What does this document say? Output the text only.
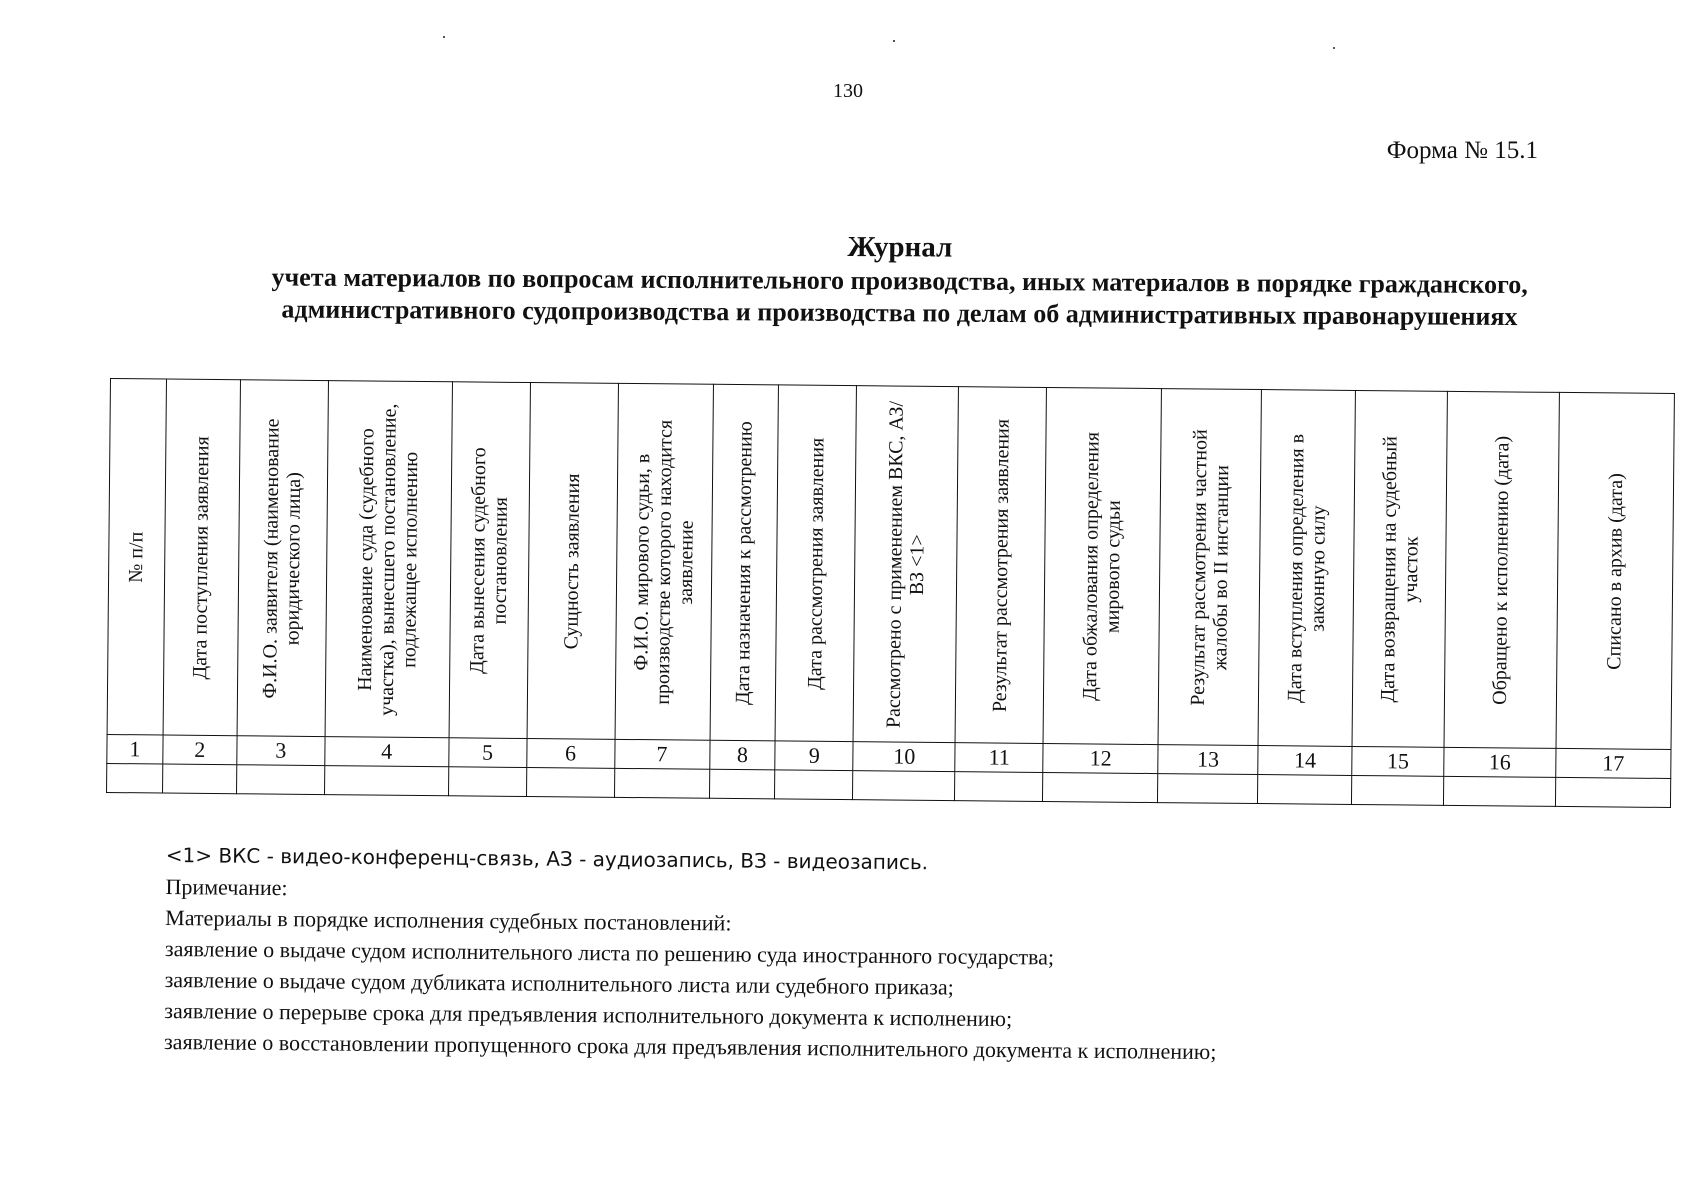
130
Форма № 15.1
Журнал
учета материалов по вопросам исполнительного производства, иных материалов в порядке гражданского, административного судопроизводства и производства по делам об административных правонарушениях
№ п/п	Дата поступления заявления	Ф.И.О. заявителя (наименование юридического лица)	Наименование суда (судебного участка), вынесшего постановление, подлежащее исполнению	Дата вынесения судебного постановления	Сущность заявления	Ф.И.О. мирового судьи, в производстве которого находится заявление	Дата назначения к рассмотрению	Дата рассмотрения заявления	Рассмотрено с применением ВКС, АЗ/ВЗ <1>	Результат рассмотрения заявления	Дата обжалования определения мирового судьи	Результат рассмотрения частной жалобы во II инстанции	Дата вступления определения в законную силу	Дата возвращения на судебный участок	Обращено к исполнению (дата)	Списано в архив (дата)

1	2	3	4	5	6	7	8	9	10	11	12	13	14	15	16	17

<1> ВКС - видео-конференц-связь, АЗ - аудиозапись, ВЗ - видеозапись.
Примечание:
Материалы в порядке исполнения судебных постановлений:
заявление о выдаче судом исполнительного листа по решению суда иностранного государства;
заявление о выдаче судом дубликата исполнительного листа или судебного приказа;
заявление о перерыве срока для предъявления исполнительного документа к исполнению;
заявление о восстановлении пропущенного срока для предъявления исполнительного документа к исполнению;
